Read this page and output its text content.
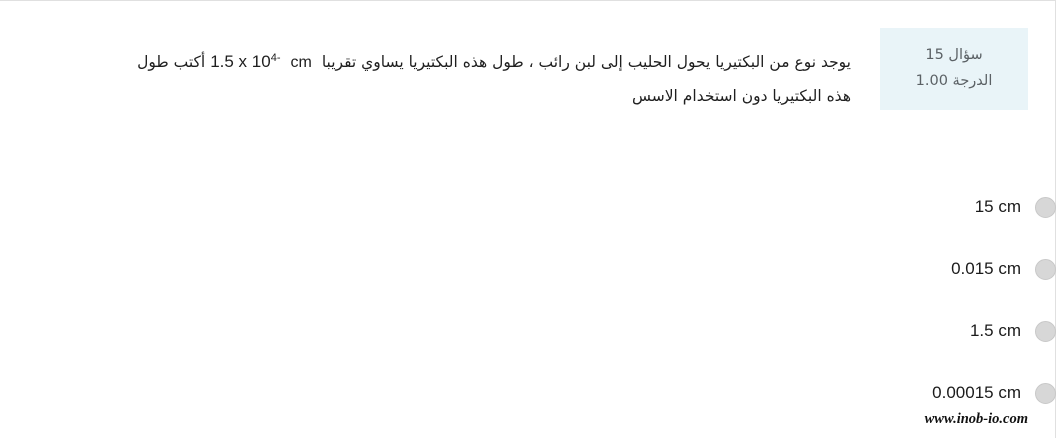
سؤال 15
الدرجة 1.00
يوجد نوع من البكتيريا يحول الحليب إلى لبن رائب ، طول هذه البكتيريا يساوي تقريباcm$^{-4}$1.5 x 10 أكتب طول هذه البكتيريا دون استخدام الاسس
15 cm
0.015 cm
1.5 cm
0.00015 cm
www.inob-io.com
